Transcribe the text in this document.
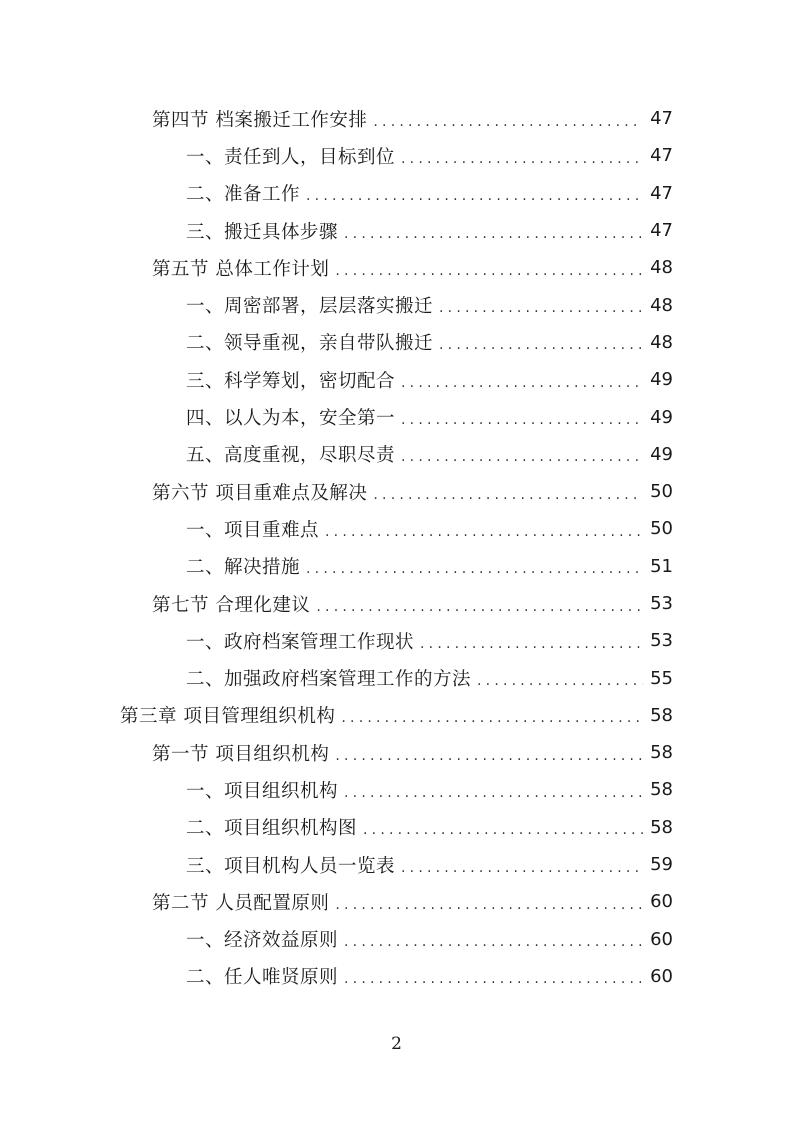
第四节 档案搬迁工作安排 .....	47
一、责任到人，目标到位 .....	47
二、准备工作 .....	47
三、搬迁具体步骤 .....	47
第五节 总体工作计划 .....	48
一、周密部署，层层落实搬迁 .....	48
二、领导重视，亲自带队搬迁 .....	48
三、科学筹划，密切配合 .....	49
四、以人为本，安全第一 .....	49
五、高度重视，尽职尽责 .....	49
第六节 项目重难点及解决 .....	50
一、项目重难点 .....	50
二、解决措施 .....	51
第七节 合理化建议 .....	53
一、政府档案管理工作现状 .....	53
二、加强政府档案管理工作的方法 .....	55
第三章 项目管理组织机构 .....	58
第一节 项目组织机构 .....	58
一、项目组织机构 .....	58
二、项目组织机构图 .....	58
三、项目机构人员一览表 .....	59
第二节 人员配置原则 .....	60
一、经济效益原则 .....	60
二、任人唯贤原则 .....	60
2
